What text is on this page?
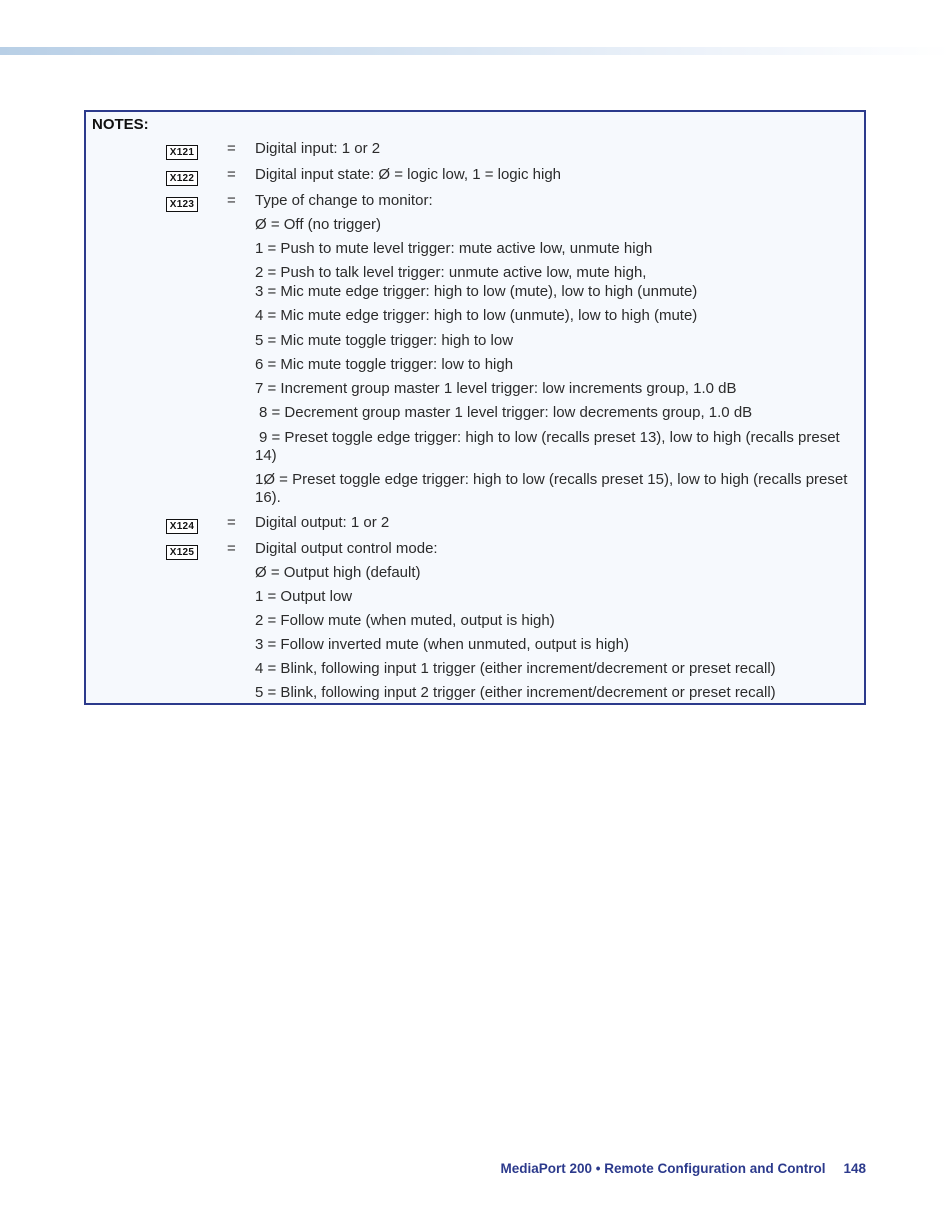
NOTES:
X121 = Digital input: 1 or 2
X122 = Digital input state: Ø = logic low, 1 = logic high
X123 = Type of change to monitor:
Ø = Off (no trigger)
1 = Push to mute level trigger: mute active low, unmute high
2 = Push to talk level trigger: unmute active low, mute high,
3 = Mic mute edge trigger: high to low (mute), low to high (unmute)
4 = Mic mute edge trigger: high to low (unmute), low to high (mute)
5 = Mic mute toggle trigger: high to low
6 = Mic mute toggle trigger: low to high
7 = Increment group master 1 level trigger: low increments group, 1.0 dB
8 = Decrement group master 1 level trigger: low decrements group, 1.0 dB
9 = Preset toggle edge trigger: high to low (recalls preset 13), low to high (recalls preset 14)
1Ø = Preset toggle edge trigger: high to low (recalls preset 15), low to high (recalls preset 16).
X124 = Digital output: 1 or 2
X125 = Digital output control mode:
Ø = Output high (default)
1 = Output low
2 = Follow mute (when muted, output is high)
3 = Follow inverted mute (when unmuted, output is high)
4 = Blink, following input 1 trigger (either increment/decrement or preset recall)
5 = Blink, following input 2 trigger (either increment/decrement or preset recall)
MediaPort 200 • Remote Configuration and Control 148
